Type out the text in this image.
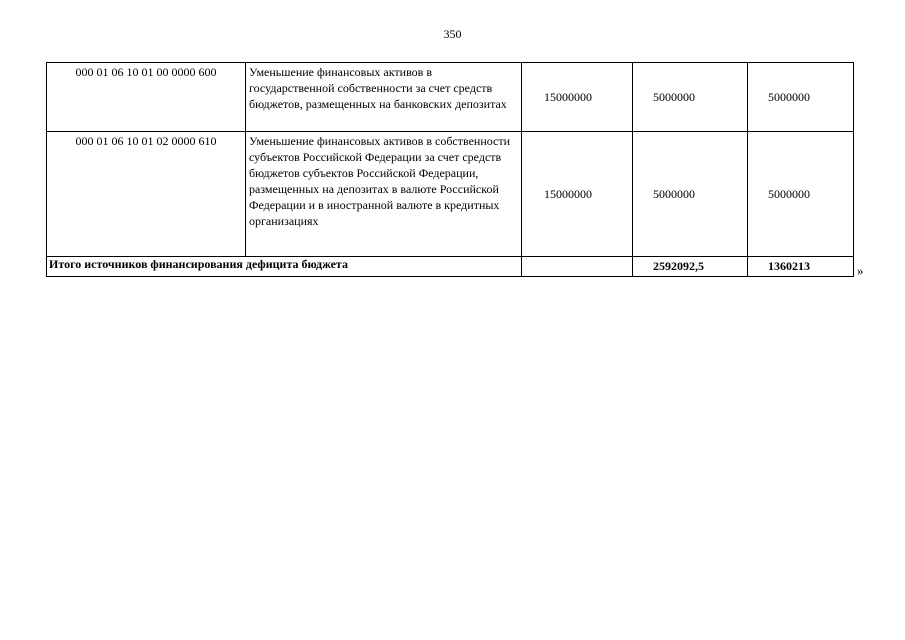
350
000 01 06 10 01 00 0000 600	Уменьшение финансовых активов в государственной собственности за счет средств бюджетов, размещенных на банковских депозитах	15000000	5000000	5000000
000 01 06 10 01 02 0000 610	Уменьшение финансовых активов в собственности субъектов Российской Федерации за счет средств бюджетов субъектов Российской Федерации, размещенных на депозитах в валюте Российской Федерации и в иностранной валюте в кредитных организациях	15000000	5000000	5000000
Итого источников финансирования дефицита бюджета			2592092,5	1360213	»
